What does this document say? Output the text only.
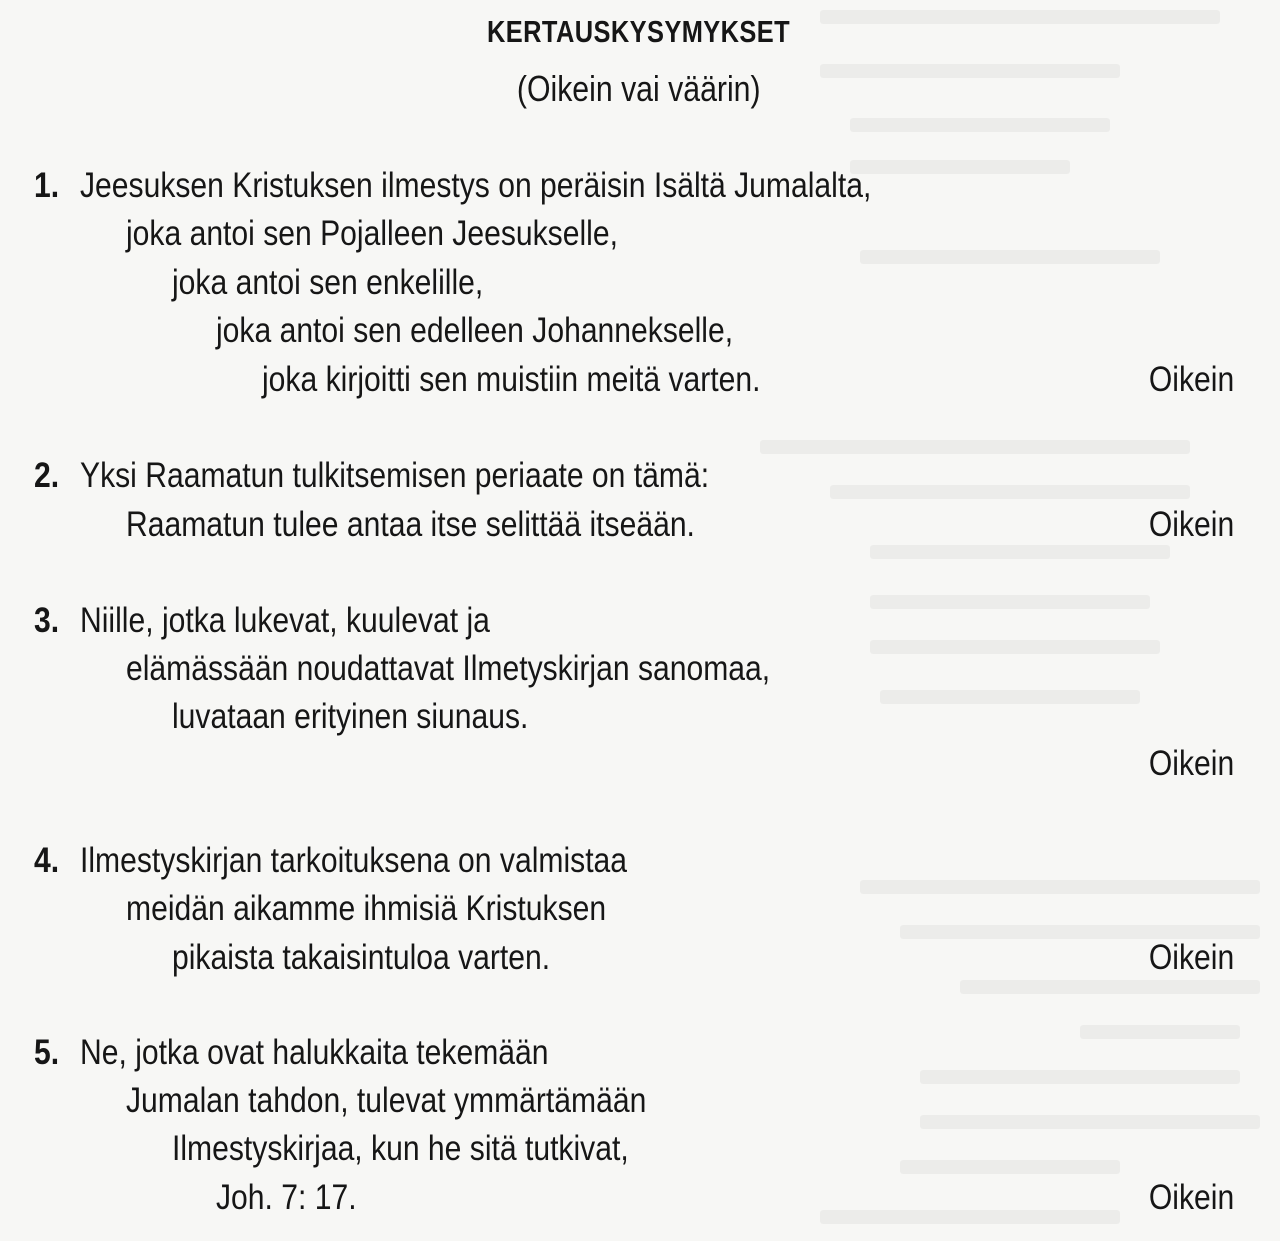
KERTAUSKYSYMYKSET
(Oikein vai väärin)
1. Jeesuksen Kristuksen ilmestys on peräisin Isältä Jumalalta,
joka antoi sen Pojalleen Jeesukselle,
joka antoi sen enkelille,
joka antoi sen edelleen Johannekselle,
joka kirjoitti sen muistiin meitä varten.	Oikein
2. Yksi Raamatun tulkitsemisen periaate on tämä:
Raamatun tulee antaa itse selittää itseään.	Oikein
3. Niille, jotka lukevat, kuulevat ja
elämässään noudattavat Ilmetyskirjan sanomaa,
luvataan erityinen siunaus.
Oikein
4. Ilmestyskirjan tarkoituksena on valmistaa
meidän aikamme ihmisiä Kristuksen
pikaista takaisintuloa varten.	Oikein
5. Ne, jotka ovat halukkaita tekemään
Jumalan tahdon, tulevat ymmärtämään
Ilmestyskirjaa, kun he sitä tutkivat,
Joh. 7: 17.	Oikein
